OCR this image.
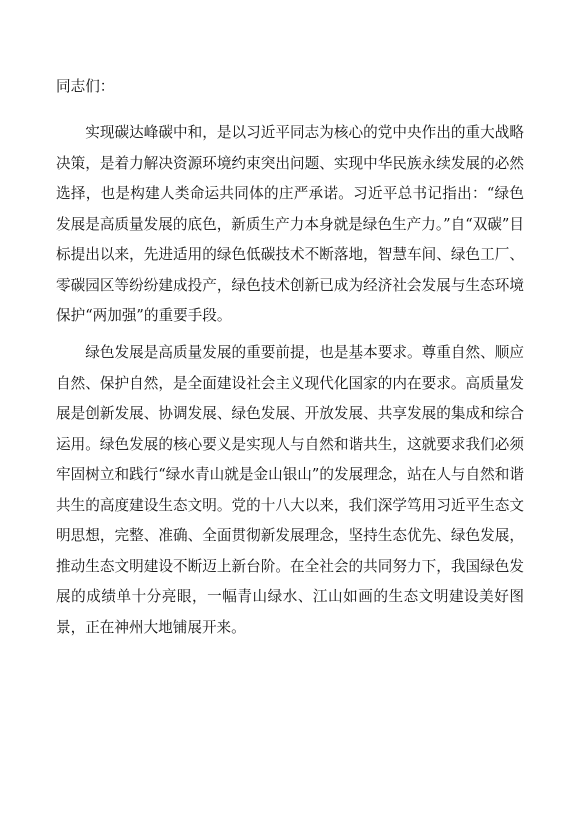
同志们：

实现碳达峰碳中和，是以习近平同志为核心的党中央作出的重大战略决策，是着力解决资源环境约束突出问题、实现中华民族永续发展的必然选择，也是构建人类命运共同体的庄严承诺。习近平总书记指出：“绿色发展是高质量发展的底色，新质生产力本身就是绿色生产力。”自“双碳”目标提出以来，先进适用的绿色低碳技术不断落地，智慧车间、绿色工厂、零碳园区等纷纷建成投产，绿色技术创新已成为经济社会发展与生态环境保护“两加强”的重要手段。

绿色发展是高质量发展的重要前提，也是基本要求。尊重自然、顺应自然、保护自然，是全面建设社会主义现代化国家的内在要求。高质量发展是创新发展、协调发展、绿色发展、开放发展、共享发展的集成和综合运用。绿色发展的核心要义是实现人与自然和谐共生，这就要求我们必须牢固树立和践行“绿水青山就是金山银山”的发展理念，站在人与自然和谐共生的高度建设生态文明。党的十八大以来，我们深学笃用习近平生态文明思想，完整、准确、全面贯彻新发展理念，坚持生态优先、绿色发展，推动生态文明建设不断迈上新台阶。在全社会的共同努力下，我国绿色发展的成绩单十分亮眼，一幅青山绿水、江山如画的生态文明建设美好图景，正在神州大地铺展开来。
